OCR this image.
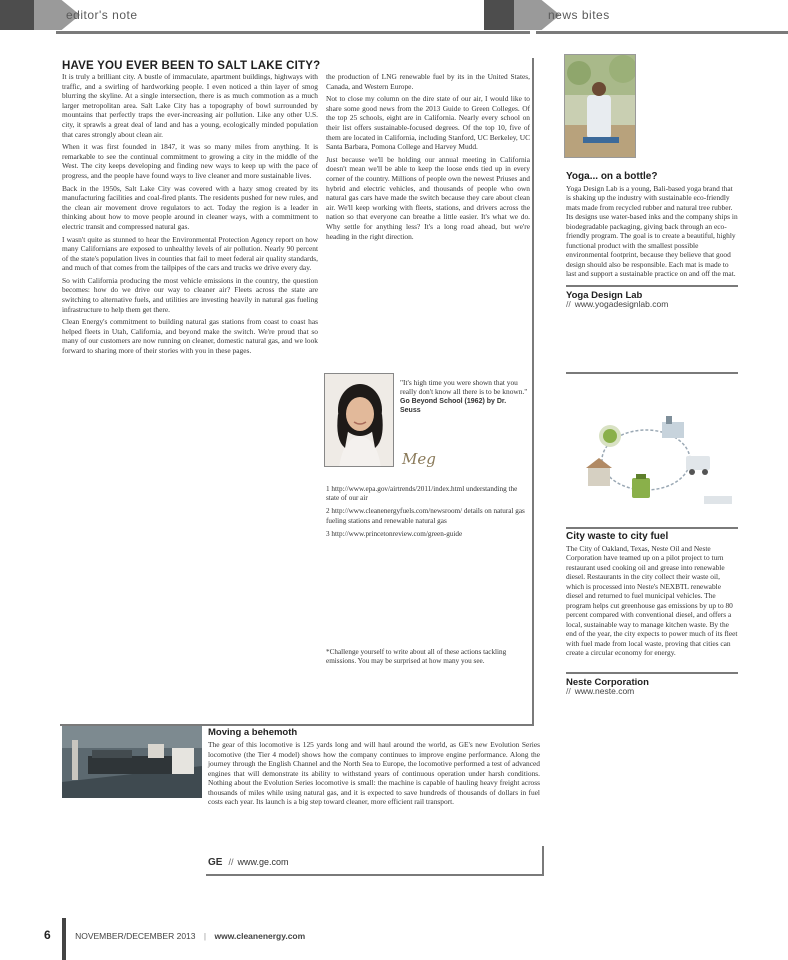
editor's note	news bites
HAVE YOU EVER BEEN TO SALT LAKE CITY?

It is truly a brilliant city. A bustle of immaculate, apartment buildings, highways with traffic, and a swirling of hardworking people. I even noticed a thin layer of smog blurring the skyline. At a single intersection, there is as much commotion as a much larger metropolitan area. Salt Lake City has a topography of bowl surrounded by mountains that perfectly traps the ever-increasing air pollution. Like any other U.S. city, it sprawls a great deal of land and has a young, ecologically minded population that cares strongly about clean air.

When it was first founded in 1847, it was so many miles from anything. It is remarkable to see the continual commitment to growing a city in the middle of the West. The city keeps developing and finding new ways to keep up with the pace of progress, and the people have found ways to live cleaner and more sustainable lives.

Back in the 1950s, Salt Lake City was covered with a hazy smog created by its manufacturing facilities and coal-fired plants. The residents pushed for new rules, and the clean air movement drove regulators to act. Today the region is a leader in thinking about how to move people around in cleaner ways, with a commitment to electric transit and compressed natural gas.

I wasn't quite as stunned to hear the Environmental Protection Agency report on how many Californians are exposed to unhealthy levels of air pollution. Nearly 90 percent of the state's population lives in counties that fail to meet federal air quality standards, and much of that comes from the tailpipes of the cars and trucks we drive every day.

So with California producing the most vehicle emissions in the country, the question becomes: how do we drive our way to cleaner air? Fleets across the state are switching to alternative fuels, and utilities are investing heavily in natural gas fueling infrastructure to help them get there.

Clean Energy's commitment to building natural gas stations from coast to coast has helped fleets in Utah, California, and beyond make the switch. We're proud that so many of our customers are now running on cleaner, domestic natural gas, and we look forward to sharing more of their stories with you in these pages.

the production of LNG renewable fuel by its in the United States, Canada, and Western Europe.

Not to close my column on the dire state of our air, I would like to share some good news from the 2013 Guide to Green Colleges. Of the top 25 schools, eight are in California. Nearly every school on their list offers sustainable-focused degrees. Of the top 10, five of them are located in California, including Stanford, UC Berkeley, UC Santa Barbara, Pomona College and Harvey Mudd.

Just because we'll be holding our annual meeting in California doesn't mean we'll be able to keep the loose ends tied up in every corner of the country. Millions of people own the newest Priuses and hybrid and electric vehicles, and thousands of people who own natural gas cars have made the switch because they care about clean air. We'll keep working with fleets, stations, and drivers across the nation so that everyone can breathe a little easier. It's what we do. Why settle for anything less? It's a long road ahead, but we're heading in the right direction.

"It's high time you were shown that you really don't know all there is to be known."
Go Beyond School (1962) by Dr. Seuss
Meg

1 http://www.epa.gov/airtrends/2011/index.html understanding the state of our air

2 http://www.cleanenergyfuels.com/newsroom/ details on natural gas fueling stations and renewable natural gas

3 http://www.princetonreview.com/green-guide

*Challenge yourself to write about all of these actions tackling emissions. You may be surprised at how many you see.
Yoga... on a bottle?

Yoga Design Lab is a young, Bali-based yoga brand that is shaking up the industry with sustainable eco-friendly mats made from recycled rubber and natural tree rubber. Its designs use water-based inks and the company ships in biodegradable packaging, giving back through an eco-friendly program. The goal is to create a beautiful, highly functional product with the smallest possible environmental footprint, because they believe that good design should also be responsible. Each mat is made to last and support a sustainable practice on and off the mat.

Yoga Design Lab
// www.yogadesignlab.com
City waste to city fuel

The City of Oakland, Texas, Neste Oil and Neste Corporation have teamed up on a pilot project to turn restaurant used cooking oil and grease into renewable diesel. Restaurants in the city collect their waste oil, which is processed into Neste's NEXBTL renewable diesel and returned to fuel municipal vehicles. The program helps cut greenhouse gas emissions by up to 80 percent compared with conventional diesel, and offers a local, sustainable way to manage kitchen waste. By the end of the year, the city expects to power much of its fleet with fuel made from local waste, proving that cities can create a circular economy for energy.

Neste Corporation
// www.neste.com
Moving a behemoth

The gear of this locomotive is 125 yards long and will haul around the world, as GE's new Evolution Series locomotive (the Tier 4 model) shows how the company continues to improve engine performance. Along the journey through the English Channel and the North Sea to Europe, the locomotive performed a test of advanced engines that will demonstrate its ability to withstand years of continuous operation under harsh conditions. Nothing about the Evolution Series locomotive is small: the machine is capable of hauling heavy freight across thousands of miles while using natural gas, and it is expected to save hundreds of thousands of dollars in fuel costs each year. Its launch is a big step toward cleaner, more efficient rail transport.

GE // www.ge.com
6	NOVEMBER/DECEMBER 2013 | www.cleanenergy.com
